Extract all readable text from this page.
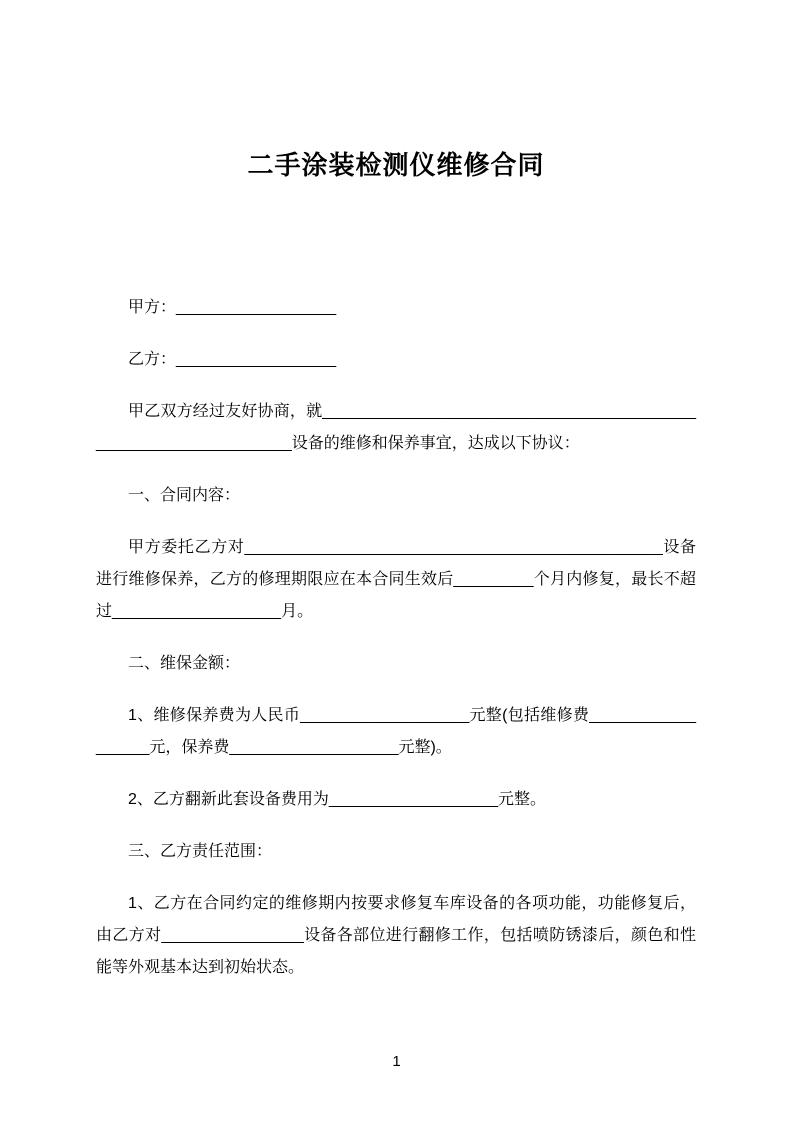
二手涂装检测仪维修合同

甲方：__________________

乙方：__________________

甲乙双方经过友好协商，就________________________________________________________________设备的维修和保养事宜，达成以下协议：

一、合同内容：

甲方委托乙方对_______________________________________________设备进行维修保养，乙方的修理期限应在本合同生效后_________个月内修复，最长不超过___________________月。

二、维保金额：

1、维修保养费为人民币___________________元整(包括维修费__________________元，保养费___________________元整)。

2、乙方翻新此套设备费用为___________________元整。

三、乙方责任范围：

1、乙方在合同约定的维修期内按要求修复车库设备的各项功能，功能修复后，由乙方对________________设备各部位进行翻修工作，包括喷防锈漆后，颜色和性能等外观基本达到初始状态。

1
